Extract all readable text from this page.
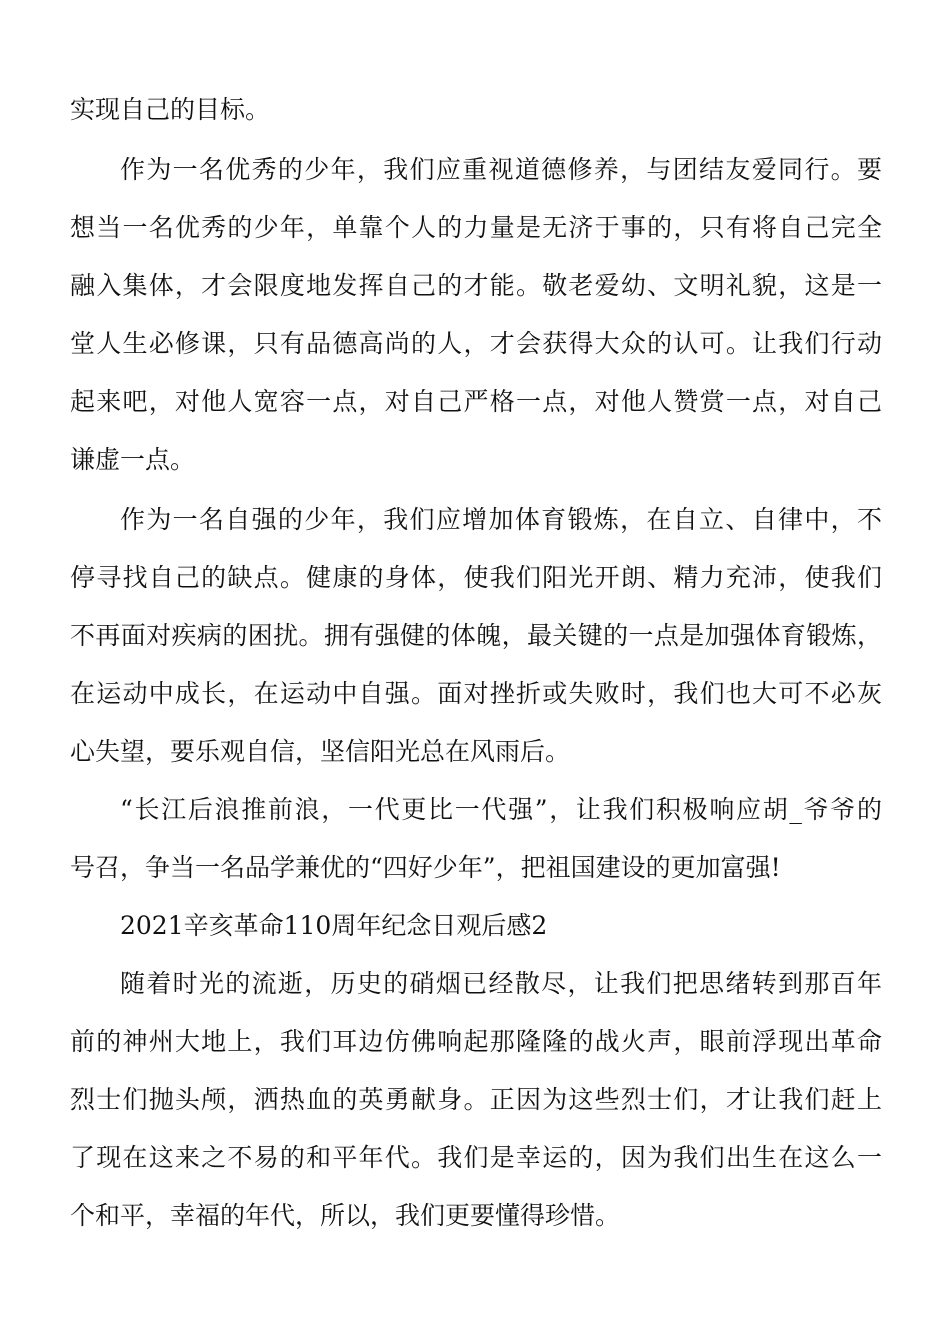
实现自己的目标。
作为一名优秀的少年，我们应重视道德修养，与团结友爱同行。要
想当一名优秀的少年，单靠个人的力量是无济于事的，只有将自己完全
融入集体，才会限度地发挥自己的才能。敬老爱幼、文明礼貌，这是一
堂人生必修课，只有品德高尚的人，才会获得大众的认可。让我们行动
起来吧，对他人宽容一点，对自己严格一点，对他人赞赏一点，对自己
谦虚一点。
作为一名自强的少年，我们应增加体育锻炼，在自立、自律中，不
停寻找自己的缺点。健康的身体，使我们阳光开朗、精力充沛，使我们
不再面对疾病的困扰。拥有强健的体魄，最关键的一点是加强体育锻炼，
在运动中成长，在运动中自强。面对挫折或失败时，我们也大可不必灰
心失望，要乐观自信，坚信阳光总在风雨后。
“长江后浪推前浪，一代更比一代强”，让我们积极响应胡_爷爷的
号召，争当一名品学兼优的“四好少年”，把祖国建设的更加富强!
2021辛亥革命110周年纪念日观后感2
随着时光的流逝，历史的硝烟已经散尽，让我们把思绪转到那百年
前的神州大地上，我们耳边仿佛响起那隆隆的战火声，眼前浮现出革命
烈士们抛头颅，洒热血的英勇献身。正因为这些烈士们，才让我们赶上
了现在这来之不易的和平年代。我们是幸运的，因为我们出生在这么一
个和平，幸福的年代，所以，我们更要懂得珍惜。
